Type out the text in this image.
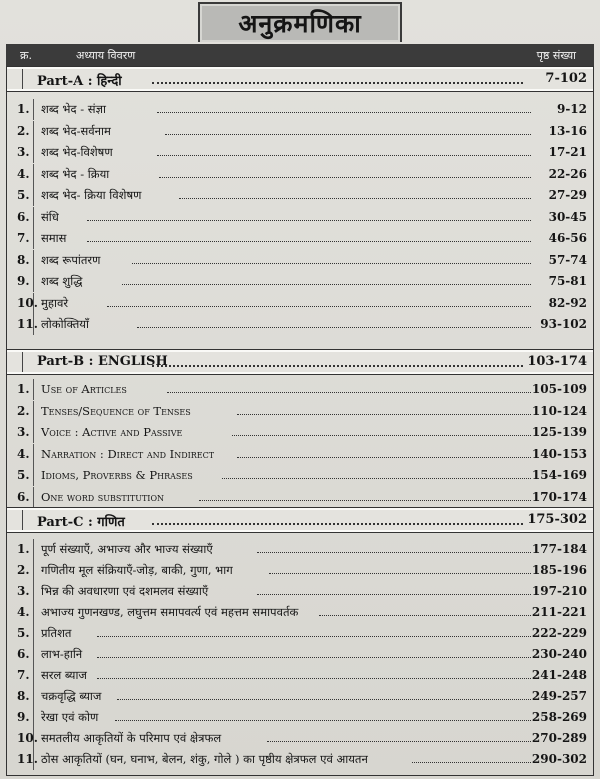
अनुक्रमणिका
क्र.	अध्याय विवरण	पृष्ठ संख्या
Part-A : हिन्दी	7-102
1. शब्द भेद - संज्ञा	9-12
2. शब्द भेद-सर्वनाम	13-16
3. शब्द भेद-विशेषण	17-21
4. शब्द भेद - क्रिया	22-26
5. शब्द भेद- क्रिया विशेषण	27-29
6. संधि	30-45
7. समास	46-56
8. शब्द रूपांतरण	57-74
9. शब्द शुद्धि	75-81
10. मुहावरे	82-92
11. लोकोक्तियाँ	93-102
Part-B : ENGLISH	103-174
1. Use of Articles	105-109
2. Tenses/Sequence of Tenses	110-124
3. Voice : Active and Passive	125-139
4. Narration : Direct and Indirect	140-153
5. Idioms, Proverbs & Phrases	154-169
6. One word substitution	170-174
Part-C : गणित	175-302
1. पूर्ण संख्याएँ, अभाज्य और भाज्य संख्याएँ	177-184
2. गणितीय मूल संक्रियाएँ-जोड़, बाकी, गुणा, भाग	185-196
3. भिन्न की अवधारणा एवं दशमलव संख्याएँ	197-210
4. अभाज्य गुणनखण्ड, लघुत्तम समापवर्त्य एवं महत्तम समापवर्तक	211-221
5. प्रतिशत	222-229
6. लाभ-हानि	230-240
7. सरल ब्याज	241-248
8. चक्रवृद्धि ब्याज	249-257
9. रेखा एवं कोण	258-269
10. समतलीय आकृतियों के परिमाप एवं क्षेत्रफल	270-289
11. ठोस आकृतियों (घन, घनाभ, बेलन, शंकु, गोले ) का पृष्ठीय क्षेत्रफल एवं आयतन	290-302
